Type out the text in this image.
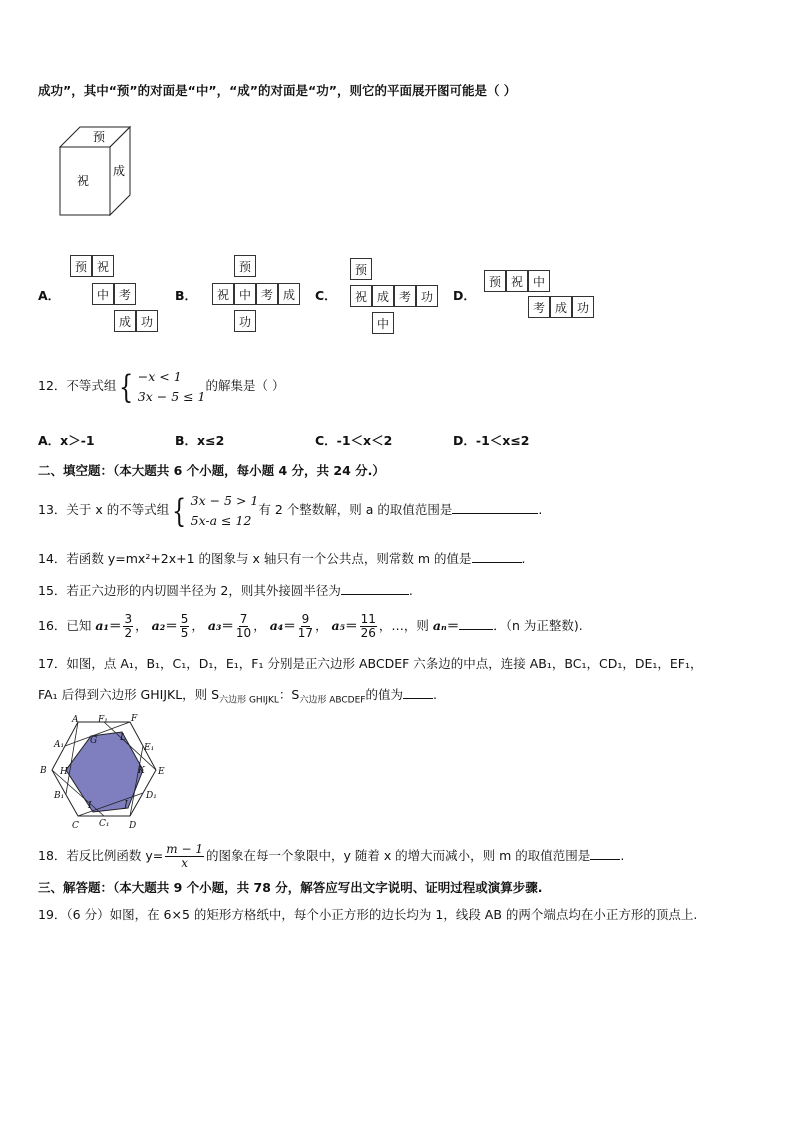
成功”，其中“预”的对面是“中”，“成”的对面是“功”，则它的平面展开图可能是（ ）
预
祝
成
A．
预 祝
中 考
成 功
B．
预
祝 中 考 成
功
C．
预
祝 成 考 功
中
D．
预 祝 中
考 成 功
12．不等式组 { −x < 1
3x − 5 ≤ 1
的解集是（ ）
A．x＞-1	B．x≤2	C．-1＜x＜2	D．-1＜x≤2
二、填空题：（本大题共 6 个小题，每小题 4 分，共 24 分.）
13．关于 x 的不等式组 { 3x − 5 > 1
5x-a ≤ 12
有 2 个整数解，则 a 的取值范围是	.
14．若函数 y=mx²+2x+1 的图象与 x 轴只有一个公共点，则常数 m 的值是	.
15．若正六边形的内切圆半径为 2，则其外接圆半径为	.
16．已知 $a_1= \frac{3}{2}$ ， $a_2= \frac{5}{5}$ ， $a_3= \frac{7}{10}$ ， $a_4= \frac{9}{17}$ ， $a_5= \frac{11}{26}$ ，…，则 aₙ＝	．（n 为正整数).
17．如图，点 A₁，B₁，C₁，D₁，E₁，F₁ 分别是正六边形 ABCDEF 六条边的中点，连接 AB₁，BC₁，CD₁，DE₁，EF₁，
FA₁ 后得到六边形 GHIJKL，则 $S_{六边形 GHIJKL}$：$S_{六边形 ABCDEF}$的值为 .
A F₁	F
A₁	G	L
E₁
B H	K E
B₁
I	J
D₁
C C₁ D
18．若反比例函数 $y= \frac{m - 1}{x}$ 的图象在每一个象限中，y 随着 x 的增大而减小，则 m 的取值范围是 .
三、解答题：（本大题共 9 个小题，共 78 分，解答应写出文字说明、证明过程或演算步骤.
19．（6 分）如图，在 6×5 的矩形方格纸中，每个小正方形的边长均为 1，线段 AB 的两个端点均在小正方形的顶点上.
